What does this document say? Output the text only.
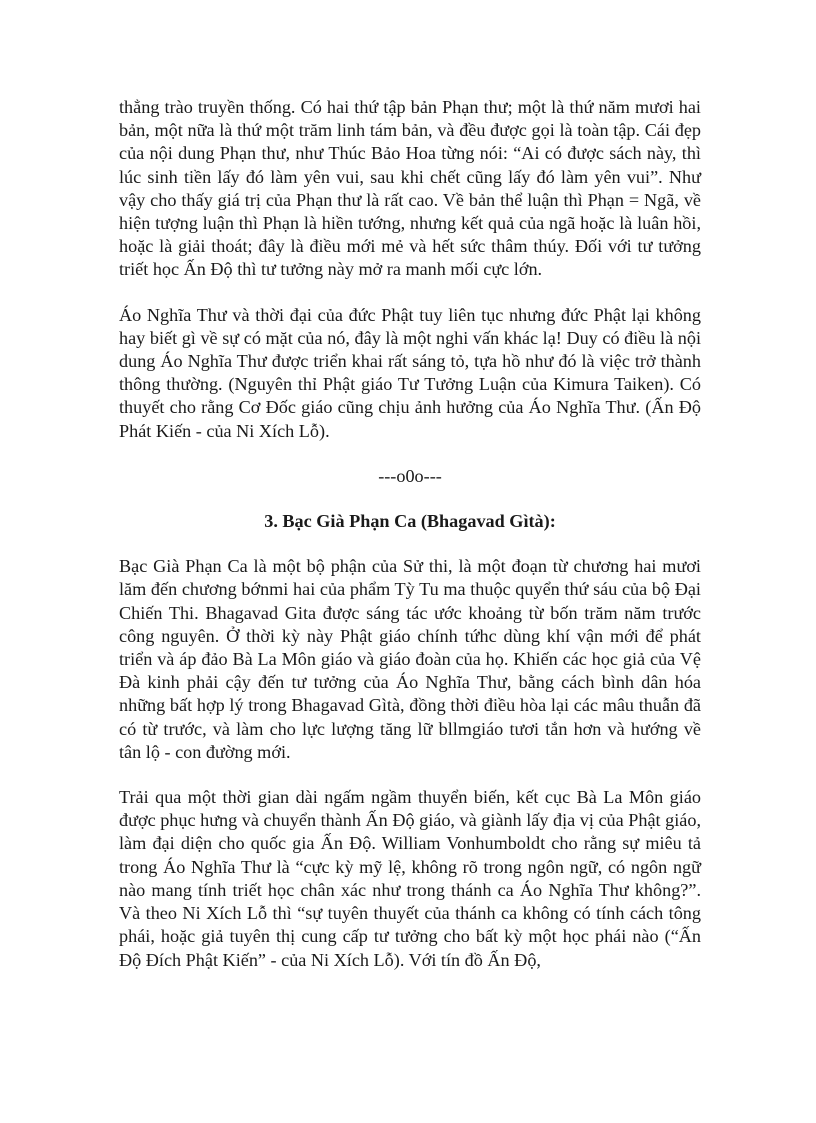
thẳng trào truyền thống. Có hai thứ tập bản Phạn thư; một là thứ năm mươi hai bản, một nữa là thứ một trăm linh tám bản, và đều được gọi là toàn tập. Cái đẹp của nội dung Phạn thư, như Thúc Bảo Hoa từng nói: “Ai có được sách này, thì lúc sinh tiền lấy đó làm yên vui, sau khi chết cũng lấy đó làm yên vui”. Như vậy cho thấy giá trị của Phạn thư là rất cao. Về bản thể luận thì Phạn = Ngã, về hiện tượng luận thì Phạn là hiền tướng, nhưng kết quả của ngã hoặc là luân hồi, hoặc là giải thoát; đây là điều mới mẻ và hết sức thâm thúy. Đối với tư tưởng triết học Ấn Độ thì tư tưởng này mở ra manh mối cực lớn.

Áo Nghĩa Thư và thời đại của đức Phật tuy liên tục nhưng đức Phật lại không hay biết gì về sự có mặt của nó, đây là một nghi vấn khác lạ! Duy có điều là nội dung Áo Nghĩa Thư được triển khai rất sáng tỏ, tựa hồ như đó là việc trở thành thông thường. (Nguyên thỉ Phật giáo Tư Tưởng Luận của Kimura Taiken). Có thuyết cho rằng Cơ Đốc giáo cũng chịu ảnh hưởng của Áo Nghĩa Thư. (Ấn Độ Phát Kiến - của Ni Xích Lỗ).

---o0o---
3. Bạc Già Phạn Ca (Bhagavad Gìtà):

Bạc Già Phạn Ca là một bộ phận của Sử thi, là một đoạn từ chương hai mươi lăm đến chương bớnmi hai của phẩm Tỳ Tu ma thuộc quyển thứ sáu của bộ Đại Chiến Thi. Bhagavad Gita được sáng tác ước khoảng từ bốn trăm năm trước công nguyên. Ở thời kỳ này Phật giáo chính tứhc dùng khí vận mới để phát triển và áp đảo Bà La Môn giáo và giáo đoàn của họ. Khiến các học giả của Vệ Đà kinh phải cậy đến tư tưởng của Áo Nghĩa Thư, bằng cách bình dân hóa những bất hợp lý trong Bhagavad Gìtà, đồng thời điều hòa lại các mâu thuẫn đã có từ trước, và làm cho lực lượng tăng lữ bllmgiáo tươi tắn hơn và hướng về tân lộ - con đường mới.

Trải qua một thời gian dài ngấm ngầm thuyển biến, kết cục Bà La Môn giáo được phục hưng và chuyển thành Ấn Độ giáo, và giành lấy địa vị của Phật giáo, làm đại diện cho quốc gia Ấn Độ. William Vonhumboldt cho rằng sự miêu tả trong Áo Nghĩa Thư là “cực kỳ mỹ lệ, không rõ trong ngôn ngữ, có ngôn ngữ nào mang tính triết học chân xác như trong thánh ca Áo Nghĩa Thư không?”. Và theo Ni Xích Lỗ thì “sự tuyên thuyết của thánh ca không có tính cách tông phái, hoặc giả tuyên thị cung cấp tư tưởng cho bất kỳ một học phái nào (“Ấn Độ Đích Phật Kiến” - của Ni Xích Lỗ). Với tín đồ Ấn Độ,
